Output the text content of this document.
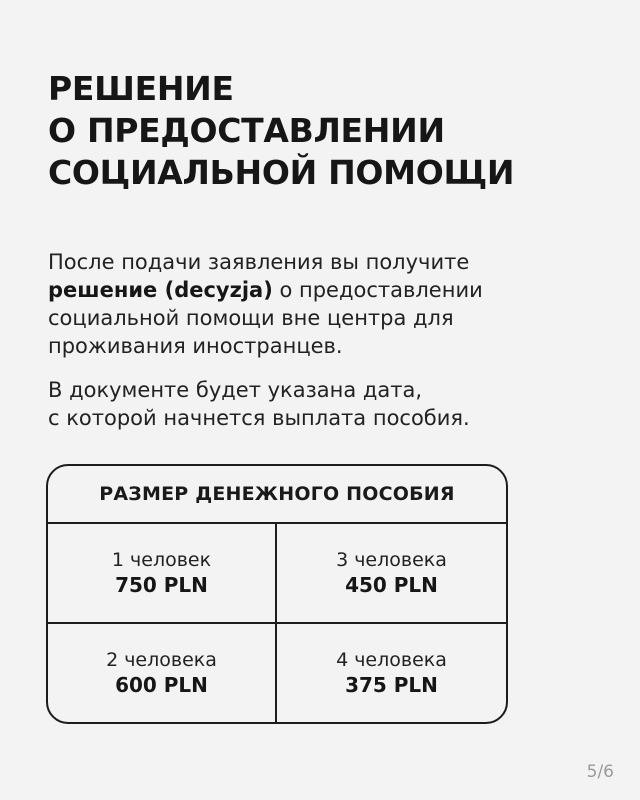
РЕШЕНИЕ
О ПРЕДОСТАВЛЕНИИ
СОЦИАЛЬНОЙ ПОМОЩИ

После подачи заявления вы получите
решение (decyzja) о предоставлении
социальной помощи вне центра для
проживания иностранцев.

В документе будет указана дата,
с которой начнется выплата пособия.

РАЗМЕР ДЕНЕЖНОГО ПОСОБИЯ
1 человек
750 PLN
3 человека
450 PLN
2 человека
600 PLN
4 человека
375 PLN
5/6
